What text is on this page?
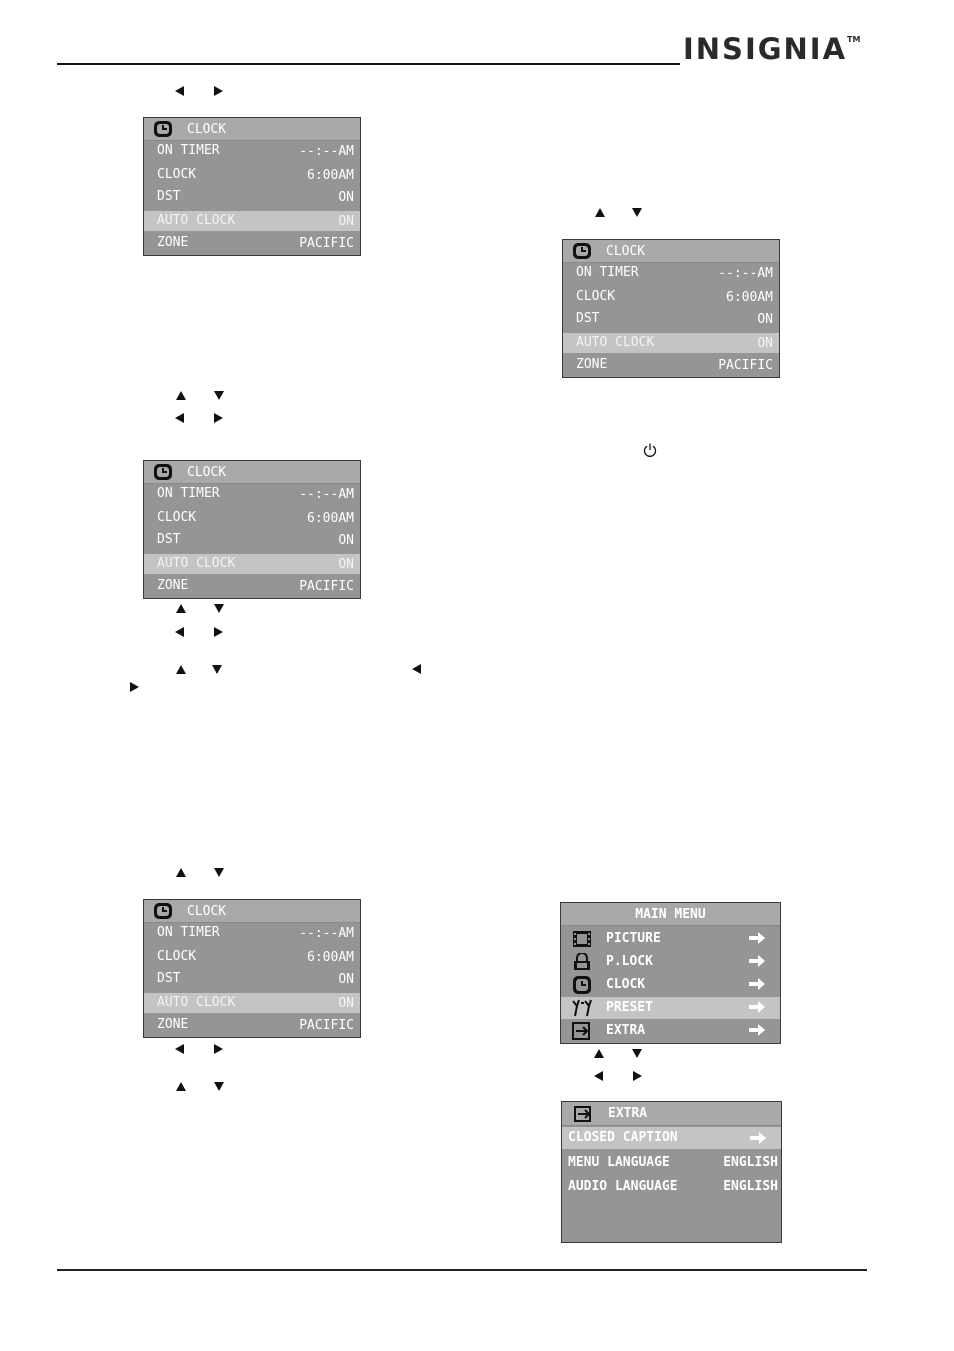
INSIGNIA™
CLOCK
ON TIMER	--:--AM
CLOCK	6:00AM
DST	ON
AUTO CLOCK	ON
ZONE	PACIFIC
CLOCK
ON TIMER	--:--AM
CLOCK	6:00AM
DST	ON
AUTO CLOCK	ON
ZONE	PACIFIC
CLOCK
ON TIMER	--:--AM
CLOCK	6:00AM
DST	ON
AUTO CLOCK	ON
ZONE	PACIFIC
CLOCK
ON TIMER	--:--AM
CLOCK	6:00AM
DST	ON
AUTO CLOCK	ON
ZONE	PACIFIC
MAIN MENU
PICTURE
P.LOCK
CLOCK
PRESET
EXTRA
EXTRA
CLOSED CAPTION
MENU LANGUAGE	ENGLISH
AUDIO LANGUAGE	ENGLISH
